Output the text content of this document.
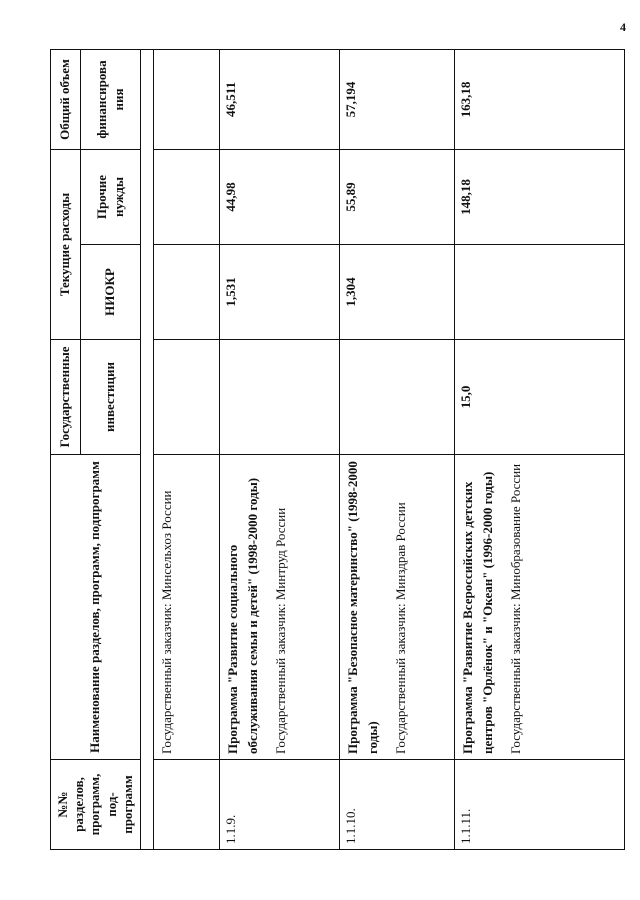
4
№№ разделов, программ, под- программ	Наименование разделов, программ, подпрограмм	Государственные	Текущие расходы		Общий объем
		инвестиции	НИОКР	Прочие нужды	финансирова ния

	Государственный заказчик: Минсельхоз России				

1.1.9.	Программа "Развитие социального обслуживания семьи и детей" (1998-2000 годы) Государственный заказчик: Минтруд России		1,531	44,98	46,511
1.1.10.	Программа "Безопасное материнство" (1998-2000 годы) Государственный заказчик: Минздрав России		1,304	55,89	57,194
1.1.11.	Программа "Развитие Всероссийских детских центров "Орлёнок" и "Океан" (1996-2000 годы) Государственный заказчик: Минобразование России	15,0		148,18	163,18
